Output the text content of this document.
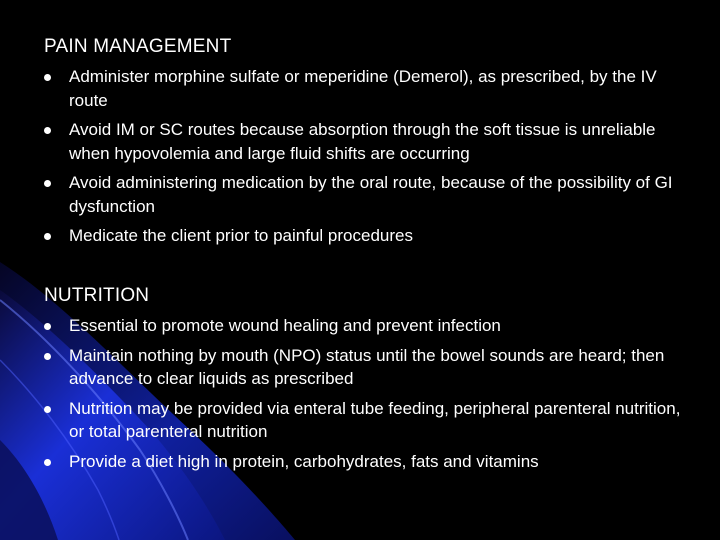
PAIN MANAGEMENT
Administer morphine sulfate or meperidine (Demerol), as prescribed, by the IV route
Avoid IM or SC routes because absorption through the soft tissue is unreliable when hypovolemia and large fluid shifts are occurring
Avoid administering medication by the oral route, because of the possibility of GI dysfunction
Medicate the client prior to painful procedures
NUTRITION
Essential to promote wound healing and prevent infection
Maintain nothing by mouth (NPO) status until the bowel sounds are heard; then advance to clear liquids as prescribed
Nutrition may be provided via enteral tube feeding, peripheral parenteral nutrition, or total parenteral nutrition
Provide a diet high in protein, carbohydrates, fats and vitamins
